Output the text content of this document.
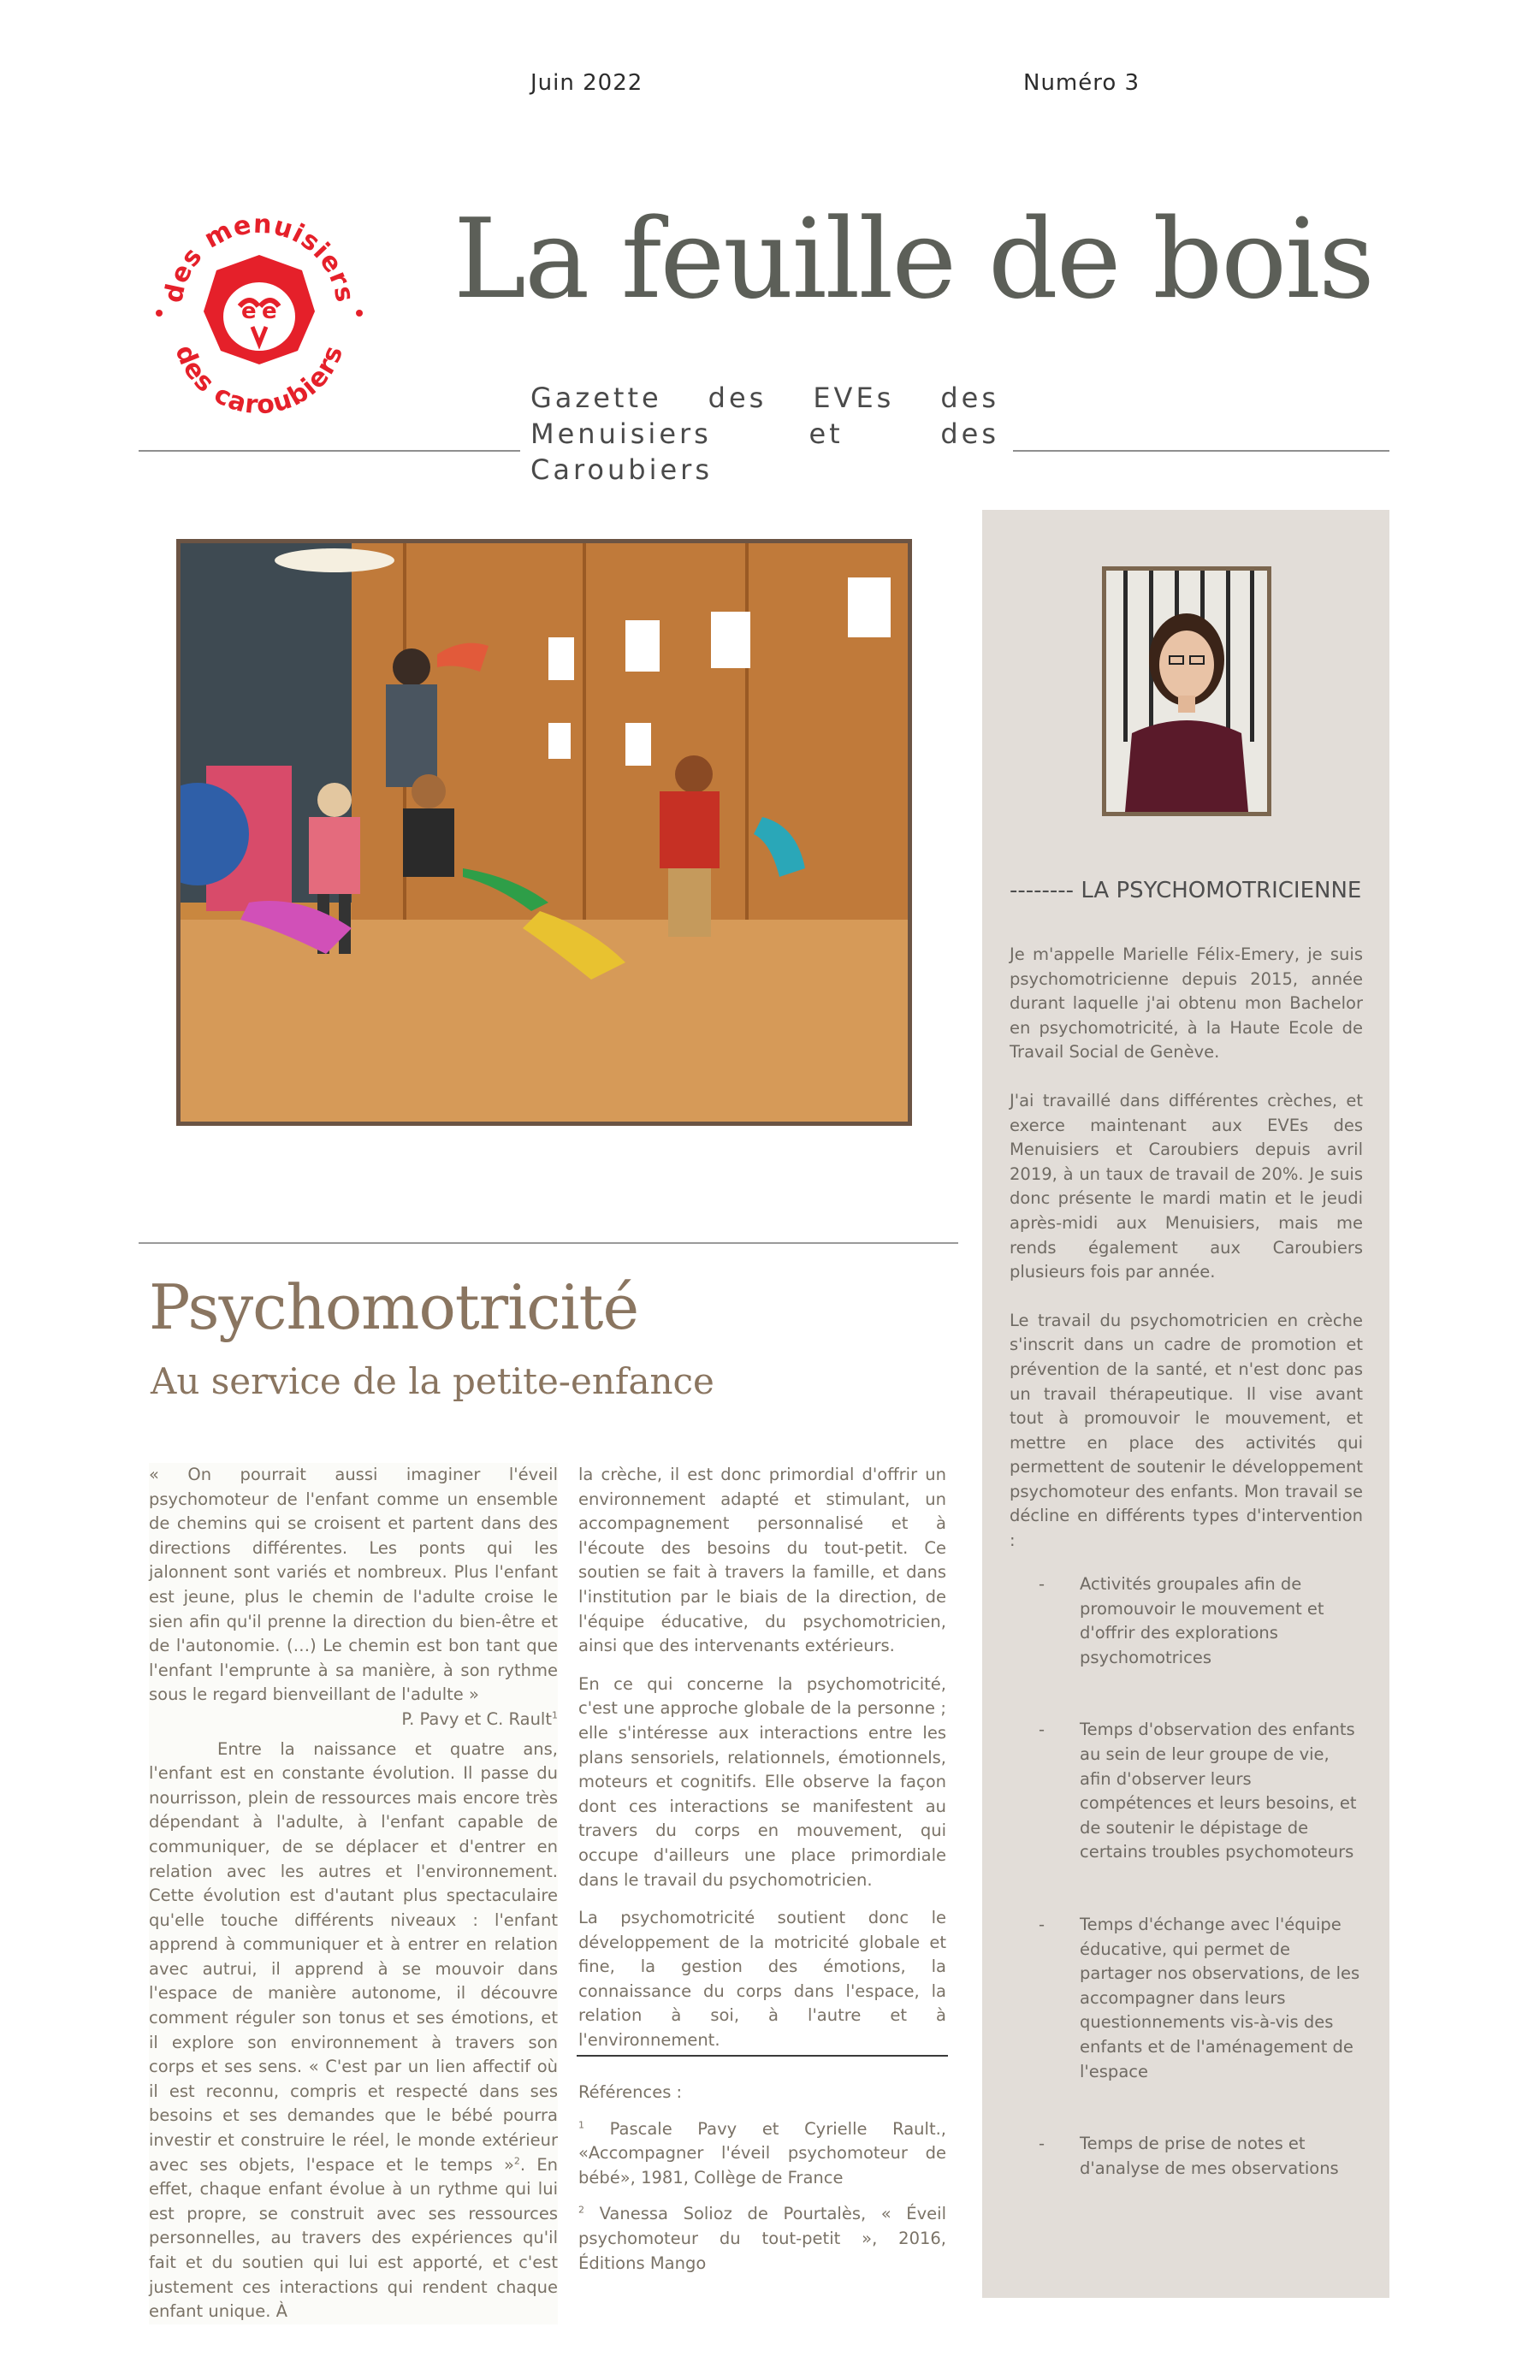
Juin 2022	Numéro 3
des menuisiers
des caroubiers
e e La feuille de bois
Gazette des EVEs des Menuisiers et des Caroubiers
Psychomotricité
Au service de la petite-enfance

« On pourrait aussi imaginer l'éveil psychomoteur de l'enfant comme un ensemble de chemins qui se croisent et partent dans des directions différentes. Les ponts qui les jalonnent sont variés et nombreux. Plus l'enfant est jeune, plus le chemin de l'adulte croise le sien afin qu'il prenne la direction du bien-être et de l'autonomie. (…) Le chemin est bon tant que l'enfant l'emprunte à sa manière, à son rythme sous le regard bienveillant de l'adulte »

P. Pavy et C. Rault$^1$

Entre la naissance et quatre ans, l'enfant est en constante évolution. Il passe du nourrisson, plein de ressources mais encore très dépendant à l'adulte, à l'enfant capable de communiquer, de se déplacer et d'entrer en relation avec les autres et l'environnement. Cette évolution est d'autant plus spectaculaire qu'elle touche différents niveaux : l'enfant apprend à communiquer et à entrer en relation avec autrui, il apprend à se mouvoir dans l'espace de manière autonome, il découvre comment réguler son tonus et ses émotions, et il explore son environnement à travers son corps et ses sens. « C'est par un lien affectif où il est reconnu, compris et respecté dans ses besoins et ses demandes que le bébé pourra investir et construire le réel, le monde extérieur avec ses objets, l'espace et le temps »$^2$. En effet, chaque enfant évolue à un rythme qui lui est propre, se construit avec ses ressources personnelles, au travers des expériences qu'il fait et du soutien qui lui est apporté, et c'est justement ces interactions qui rendent chaque enfant unique. À

la crèche, il est donc primordial d'offrir un environnement adapté et stimulant, un accompagnement personnalisé et à l'écoute des besoins du tout-petit. Ce soutien se fait à travers la famille, et dans l'institution par le biais de la direction, de l'équipe éducative, du psychomotricien, ainsi que des intervenants extérieurs.

En ce qui concerne la psychomotricité, c'est une approche globale de la personne ; elle s'intéresse aux interactions entre les plans sensoriels, relationnels, émotionnels, moteurs et cognitifs. Elle observe la façon dont ces interactions se manifestent au travers du corps en mouvement, qui occupe d'ailleurs une place primordiale dans le travail du psychomotricien.

La psychomotricité soutient donc le développement de la motricité globale et fine, la gestion des émotions, la connaissance du corps dans l'espace, la relation à soi, à l'autre et à l'environnement.

Références :

$^1$ Pascale Pavy et Cyrielle Rault., «Accompagner l'éveil psychomoteur de bébé», 1981, Collège de France

$^2$ Vanessa Solioz de Pourtalès, « Éveil psychomoteur du tout-petit », 2016, Éditions Mango

-------- LA PSYCHOMOTRICIENNE

Je m'appelle Marielle Félix-Emery, je suis psychomotricienne depuis 2015, année durant laquelle j'ai obtenu mon Bachelor en psychomotricité, à la Haute Ecole de Travail Social de Genève.

J'ai travaillé dans différentes crèches, et exerce maintenant aux EVEs des Menuisiers et Caroubiers depuis avril 2019, à un taux de travail de 20%. Je suis donc présente le mardi matin et le jeudi après-midi aux Menuisiers, mais me rends également aux Caroubiers plusieurs fois par année.

Le travail du psychomotricien en crèche s'inscrit dans un cadre de promotion et prévention de la santé, et n'est donc pas un travail thérapeutique. Il vise avant tout à promouvoir le mouvement, et mettre en place des activités qui permettent de soutenir le développement psychomoteur des enfants. Mon travail se décline en différents types d'intervention :

- Activités groupales afin de promouvoir le mouvement et d'offrir des explorations psychomotrices
- Temps d'observation des enfants au sein de leur groupe de vie, afin d'observer leurs compétences et leurs besoins, et de soutenir le dépistage de certains troubles psychomoteurs
- Temps d'échange avec l'équipe éducative, qui permet de partager nos observations, de les accompagner dans leurs questionnements vis-à-vis des enfants et de l'aménagement de l'espace
- Temps de prise de notes et d'analyse de mes observations
